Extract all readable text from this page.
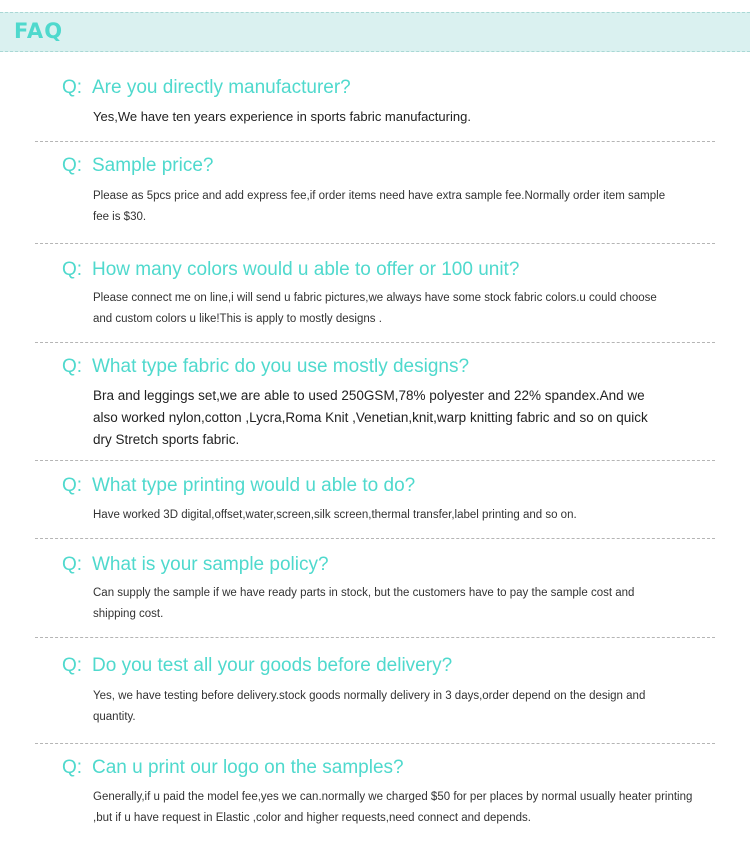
FAQ
Q: Are you directly manufacturer?
Yes,We have ten years experience in sports fabric manufacturing.
Q: Sample price?
Please as 5pcs price and add express fee,if order items need have extra sample fee.Normally order item sample fee is $30.
Q: How many colors would u able to offer or 100 unit?
Please connect me on line,i will send u fabric pictures,we always have some stock fabric colors.u could choose and custom colors u like!This is apply to mostly designs .
Q: What type fabric do you use mostly designs?
Bra and leggings set,we are able to used 250GSM,78% polyester and 22% spandex.And we also worked nylon,cotton ,Lycra,Roma Knit ,Venetian,knit,warp knitting fabric and so on quick dry Stretch sports fabric.
Q: What type printing would u able to do?
Have worked 3D digital,offset,water,screen,silk screen,thermal transfer,label printing and so on.
Q: What is your sample policy?
Can supply the sample if we have ready parts in stock, but the customers have to pay the sample cost and shipping cost.
Q: Do you test all your goods before delivery?
Yes, we have testing before delivery.stock goods normally delivery in 3 days,order depend on the design and quantity.
Q: Can u print our logo on the samples?
Generally,if u paid the model fee,yes we can.normally we charged $50 for per places by normal usually heater printing ,but if u have request in Elastic ,color and higher requests,need connect and depends.
